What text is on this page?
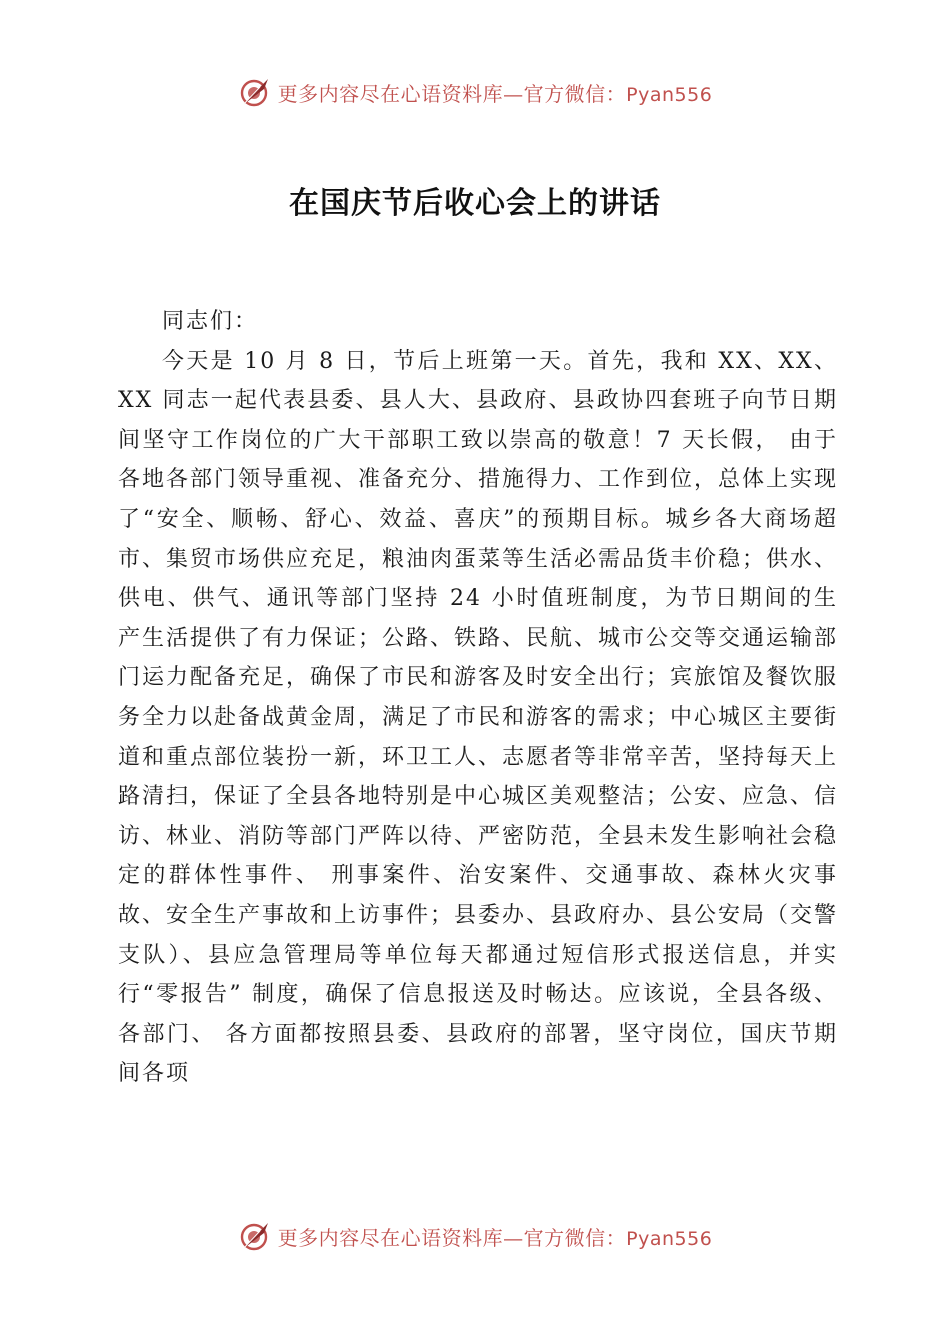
更多内容尽在心语资料库—官方微信：Pyan556
在国庆节后收心会上的讲话

同志们：

今天是 10 月 8 日，节后上班第一天。首先，我和 XX、XX、XX 同志一起代表县委、县人大、县政府、县政协四套班子向节日期间坚守工作岗位的广大干部职工致以崇高的敬意！7 天长假， 由于各地各部门领导重视、准备充分、措施得力、工作到位，总体上实现了“安全、顺畅、舒心、效益、喜庆”的预期目标。城乡各大商场超市、集贸市场供应充足，粮油肉蛋菜等生活必需品货丰价稳；供水、供电、供气、通讯等部门坚持 24 小时值班制度，为节日期间的生产生活提供了有力保证；公路、铁路、民航、城市公交等交通运输部门运力配备充足，确保了市民和游客及时安全出行；宾旅馆及餐饮服务全力以赴备战黄金周，满足了市民和游客的需求；中心城区主要街道和重点部位装扮一新，环卫工人、志愿者等非常辛苦，坚持每天上路清扫，保证了全县各地特别是中心城区美观整洁；公安、应急、信访、林业、消防等部门严阵以待、严密防范，全县未发生影响社会稳定的群体性事件、 刑事案件、治安案件、交通事故、森林火灾事故、安全生产事故和上访事件；县委办、县政府办、县公安局（交警支队）、县应急管理局等单位每天都通过短信形式报送信息，并实行“零报告” 制度，确保了信息报送及时畅达。应该说，全县各级、各部门、 各方面都按照县委、县政府的部署，坚守岗位，国庆节期间各项

更多内容尽在心语资料库—官方微信：Pyan556
